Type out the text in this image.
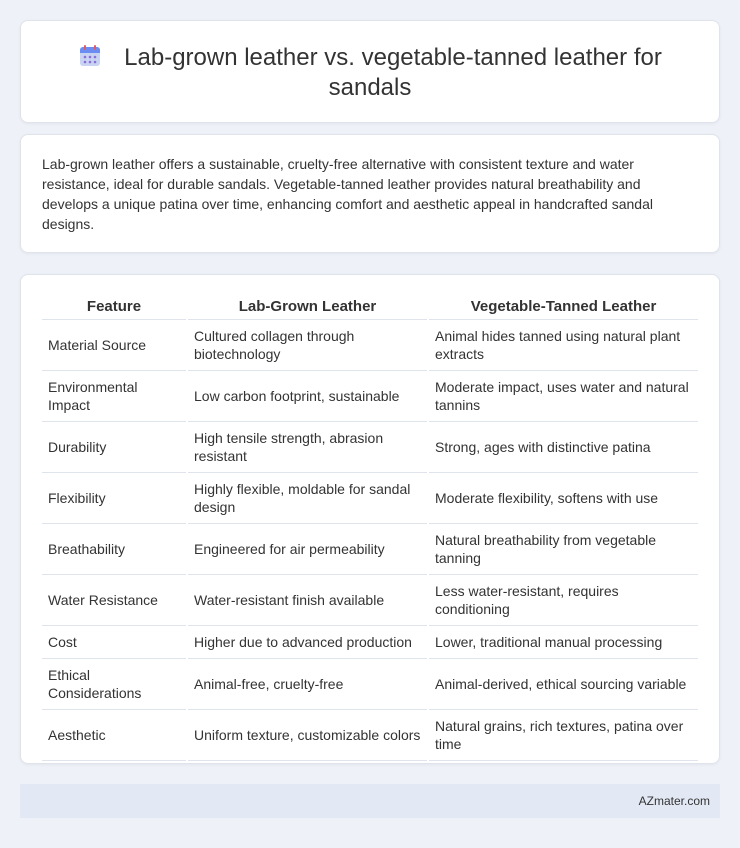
Lab-grown leather vs. vegetable-tanned leather for sandals

Lab-grown leather offers a sustainable, cruelty-free alternative with consistent texture and water resistance, ideal for durable sandals. Vegetable-tanned leather provides natural breathability and develops a unique patina over time, enhancing comfort and aesthetic appeal in handcrafted sandal designs.

Feature	Lab-Grown Leather	Vegetable-Tanned Leather
Material Source	Cultured collagen through biotechnology	Animal hides tanned using natural plant extracts
Environmental Impact	Low carbon footprint, sustainable	Moderate impact, uses water and natural tannins
Durability	High tensile strength, abrasion resistant	Strong, ages with distinctive patina
Flexibility	Highly flexible, moldable for sandal design	Moderate flexibility, softens with use
Breathability	Engineered for air permeability	Natural breathability from vegetable tanning
Water Resistance	Water-resistant finish available	Less water-resistant, requires conditioning
Cost	Higher due to advanced production	Lower, traditional manual processing
Ethical Considerations	Animal-free, cruelty-free	Animal-derived, ethical sourcing variable
Aesthetic	Uniform texture, customizable colors	Natural grains, rich textures, patina over time
AZmater.com
